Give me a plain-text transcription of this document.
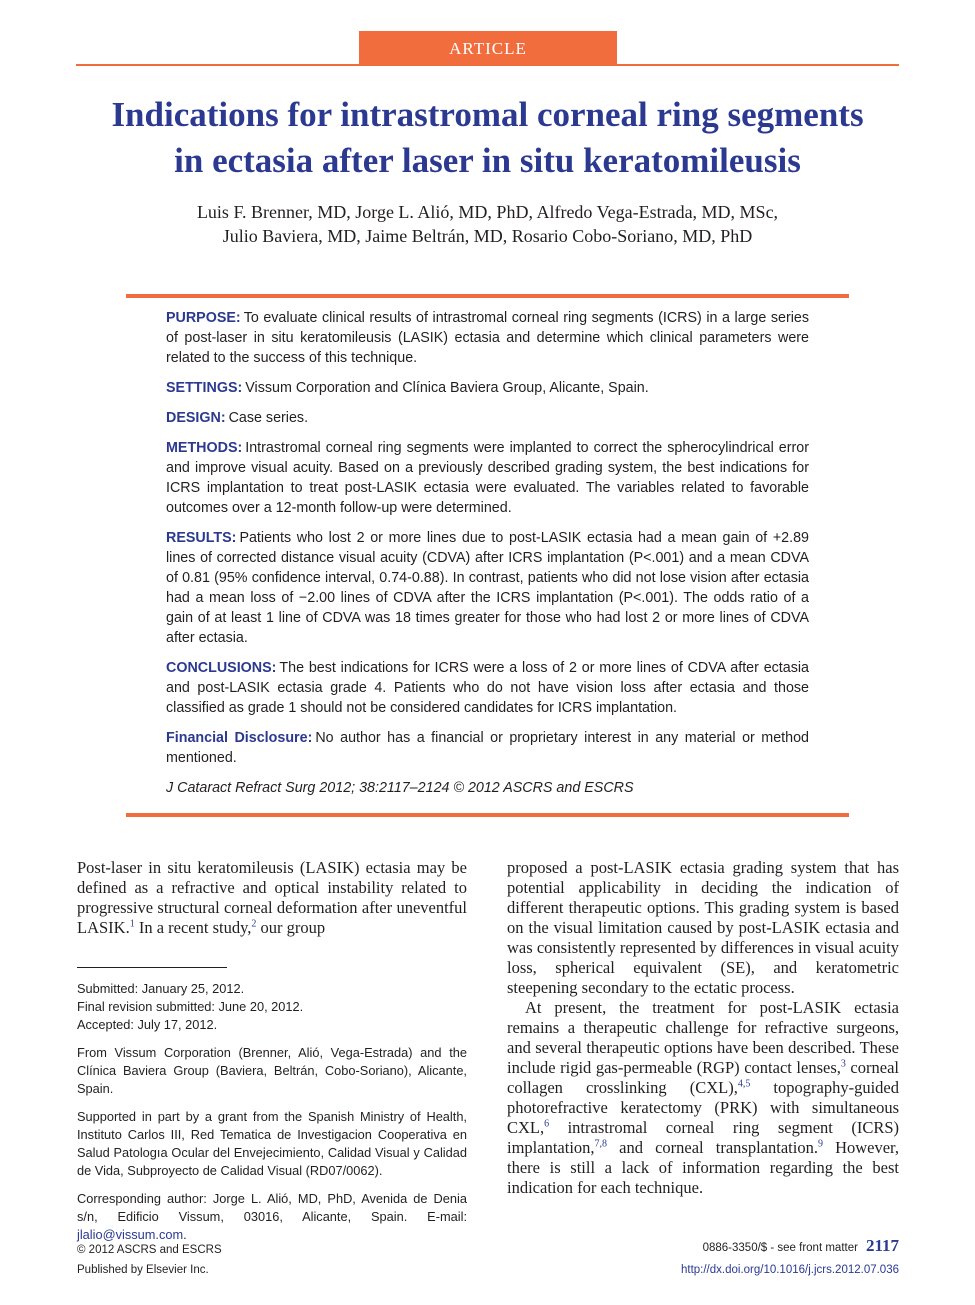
ARTICLE
Indications for intrastromal corneal ring segments
in ectasia after laser in situ keratomileusis
Luis F. Brenner, MD, Jorge L. Alió, MD, PhD, Alfredo Vega-Estrada, MD, MSc,
Julio Baviera, MD, Jaime Beltrán, MD, Rosario Cobo-Soriano, MD, PhD

PURPOSE: To evaluate clinical results of intrastromal corneal ring segments (ICRS) in a large series of post-laser in situ keratomileusis (LASIK) ectasia and determine which clinical parameters were related to the success of this technique.

SETTINGS: Vissum Corporation and Clínica Baviera Group, Alicante, Spain.

DESIGN: Case series.

METHODS: Intrastromal corneal ring segments were implanted to correct the spherocylindrical error and improve visual acuity. Based on a previously described grading system, the best indications for ICRS implantation to treat post-LASIK ectasia were evaluated. The variables related to favorable outcomes over a 12-month follow-up were determined.

RESULTS: Patients who lost 2 or more lines due to post-LASIK ectasia had a mean gain of +2.89 lines of corrected distance visual acuity (CDVA) after ICRS implantation (P<.001) and a mean CDVA of 0.81 (95% confidence interval, 0.74-0.88). In contrast, patients who did not lose vision after ectasia had a mean loss of −2.00 lines of CDVA after the ICRS implantation (P<.001). The odds ratio of a gain of at least 1 line of CDVA was 18 times greater for those who had lost 2 or more lines of CDVA after ectasia.

CONCLUSIONS: The best indications for ICRS were a loss of 2 or more lines of CDVA after ectasia and post-LASIK ectasia grade 4. Patients who do not have vision loss after ectasia and those classified as grade 1 should not be considered candidates for ICRS implantation.

Financial Disclosure: No author has a financial or proprietary interest in any material or method mentioned.

J Cataract Refract Surg 2012; 38:2117–2124 © 2012 ASCRS and ESCRS

Post-laser in situ keratomileusis (LASIK) ectasia may be defined as a refractive and optical instability related to progressive structural corneal deformation after uneventful LASIK.$^1$ In a recent study,$^2$ our group

Submitted: January 25, 2012.
Final revision submitted: June 20, 2012.
Accepted: July 17, 2012.

From Vissum Corporation (Brenner, Alió, Vega-Estrada) and the Clínica Baviera Group (Baviera, Beltrán, Cobo-Soriano), Alicante, Spain.

Supported in part by a grant from the Spanish Ministry of Health, Instituto Carlos III, Red Tematica de Investigacion Cooperativa en Salud Patologıa Ocular del Envejecimiento, Calidad Visual y Calidad de Vida, Subproyecto de Calidad Visual (RD07/0062).

Corresponding author: Jorge L. Alió, MD, PhD, Avenida de Denia s/n, Edificio Vissum, 03016, Alicante, Spain. E-mail: jlalio@vissum.com.

proposed a post-LASIK ectasia grading system that has potential applicability in deciding the indication of different therapeutic options. This grading system is based on the visual limitation caused by post-LASIK ectasia and was consistently represented by differences in visual acuity loss, spherical equivalent (SE), and keratometric steepening secondary to the ectatic process.

At present, the treatment for post-LASIK ectasia remains a therapeutic challenge for refractive surgeons, and several therapeutic options have been described. These include rigid gas-permeable (RGP) contact lenses,$^3$ corneal collagen crosslinking (CXL),$^{4,5}$ topography-guided photorefractive keratectomy (PRK) with simultaneous CXL,$^6$ intrastromal corneal ring segment (ICRS) implantation,$^{7,8}$ and corneal transplantation.$^9$ However, there is still a lack of information regarding the best indication for each technique.

© 2012 ASCRS and ESCRS
Published by Elsevier Inc.
0886-3350/$ - see front matter 2117
http://dx.doi.org/10.1016/j.jcrs.2012.07.036
